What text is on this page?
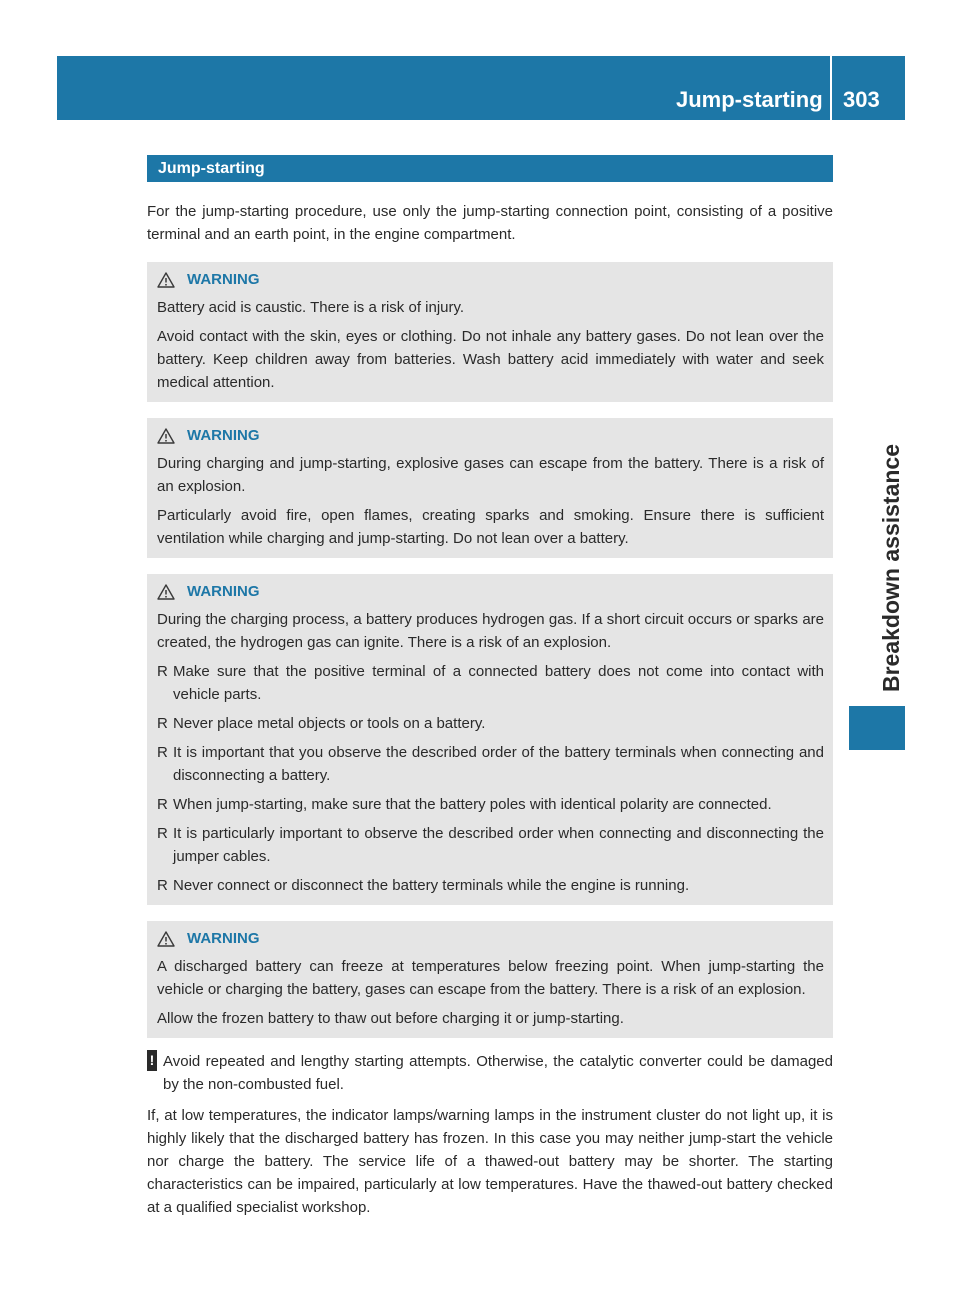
Jump-starting 303
Breakdown assistance
Jump-starting

For the jump-starting procedure, use only the jump-starting connection point, consisting of a positive terminal and an earth point, in the engine compartment.

WARNING

Battery acid is caustic. There is a risk of injury.

Avoid contact with the skin, eyes or clothing. Do not inhale any battery gases. Do not lean over the battery. Keep children away from batteries. Wash battery acid immediately with water and seek medical attention.

WARNING

During charging and jump-starting, explosive gases can escape from the battery. There is a risk of an explosion.

Particularly avoid fire, open flames, creating sparks and smoking. Ensure there is sufficient ventilation while charging and jump-starting. Do not lean over a battery.

WARNING

During the charging process, a battery produces hydrogen gas. If a short circuit occurs or sparks are created, the hydrogen gas can ignite. There is a risk of an explosion.

R Make sure that the positive terminal of a connected battery does not come into contact with vehicle parts.
R Never place metal objects or tools on a battery.
R It is important that you observe the described order of the battery terminals when connecting and disconnecting a battery.
R When jump-starting, make sure that the battery poles with identical polarity are connected.
R It is particularly important to observe the described order when connecting and disconnecting the jumper cables.
R Never connect or disconnect the battery terminals while the engine is running.
WARNING

A discharged battery can freeze at temperatures below freezing point. When jump-starting the vehicle or charging the battery, gases can escape from the battery. There is a risk of an explosion.

Allow the frozen battery to thaw out before charging it or jump-starting.

! Avoid repeated and lengthy starting attempts. Otherwise, the catalytic converter could be damaged by the non-combusted fuel.

If, at low temperatures, the indicator lamps/warning lamps in the instrument cluster do not light up, it is highly likely that the discharged battery has frozen. In this case you may neither jump-start the vehicle nor charge the battery. The service life of a thawed-out battery may be shorter. The starting characteristics can be impaired, particularly at low temperatures. Have the thawed-out battery checked at a qualified specialist workshop.
